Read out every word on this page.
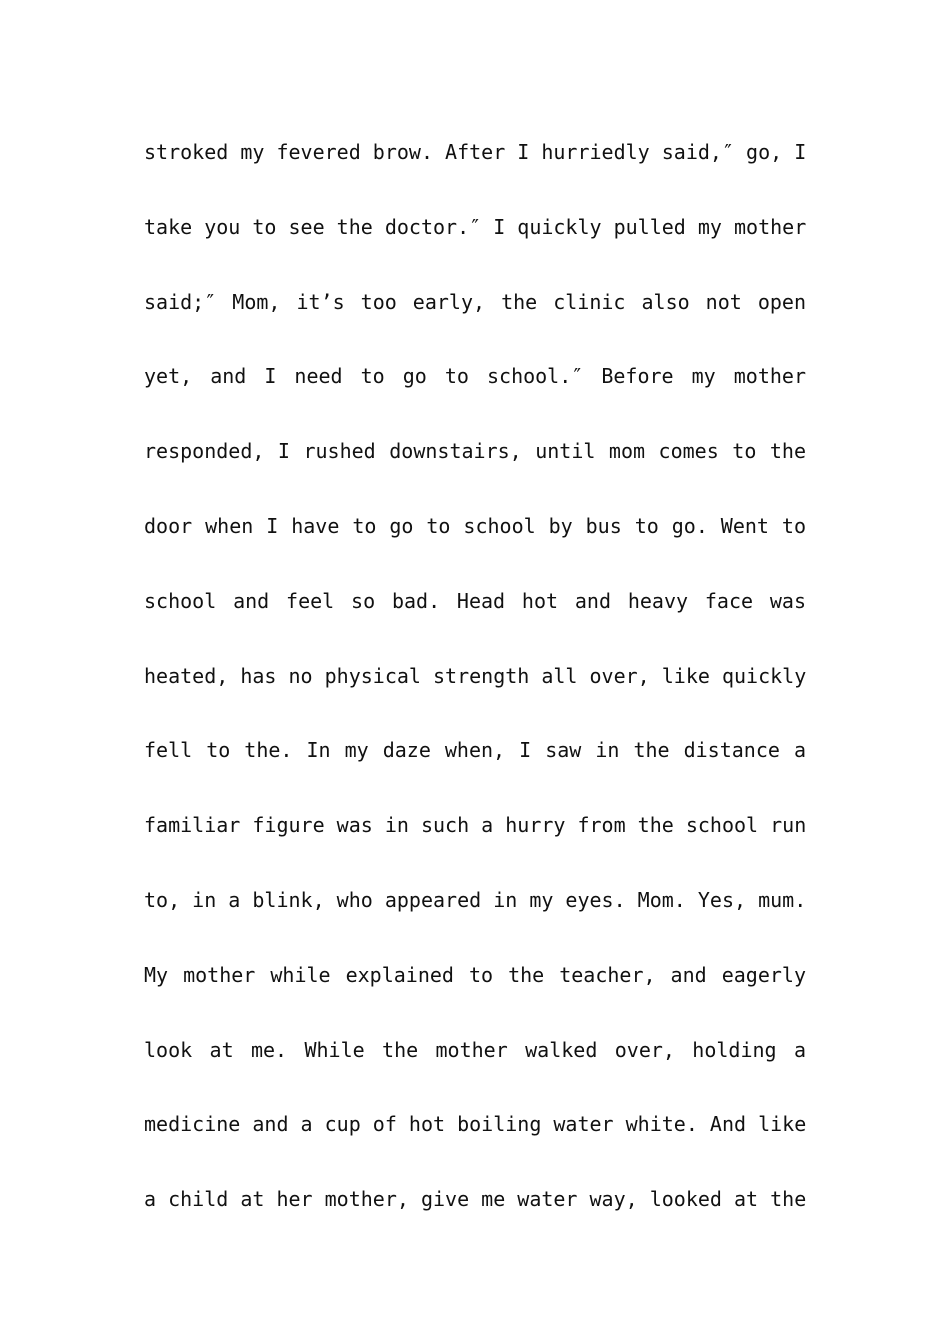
stroked my fevered brow. After I hurriedly said,″ go, I
take you to see the doctor.″ I quickly pulled my mother
said;″ Mom, it’s too early, the clinic also not open
yet, and I need to go to school.″ Before my mother
responded, I rushed downstairs, until mom comes to the
door when I have to go to school by bus to go. Went to
school and feel so bad. Head hot and heavy face was
heated, has no physical strength all over, like quickly
fell to the. In my daze when, I saw in the distance a
familiar figure was in such a hurry from the school run
to, in a blink, who appeared in my eyes. Mom. Yes, mum.
My mother while explained to the teacher, and eagerly
look at me. While the mother walked over, holding a
medicine and a cup of hot boiling water white. And like
a child at her mother, give me water way, looked at the
